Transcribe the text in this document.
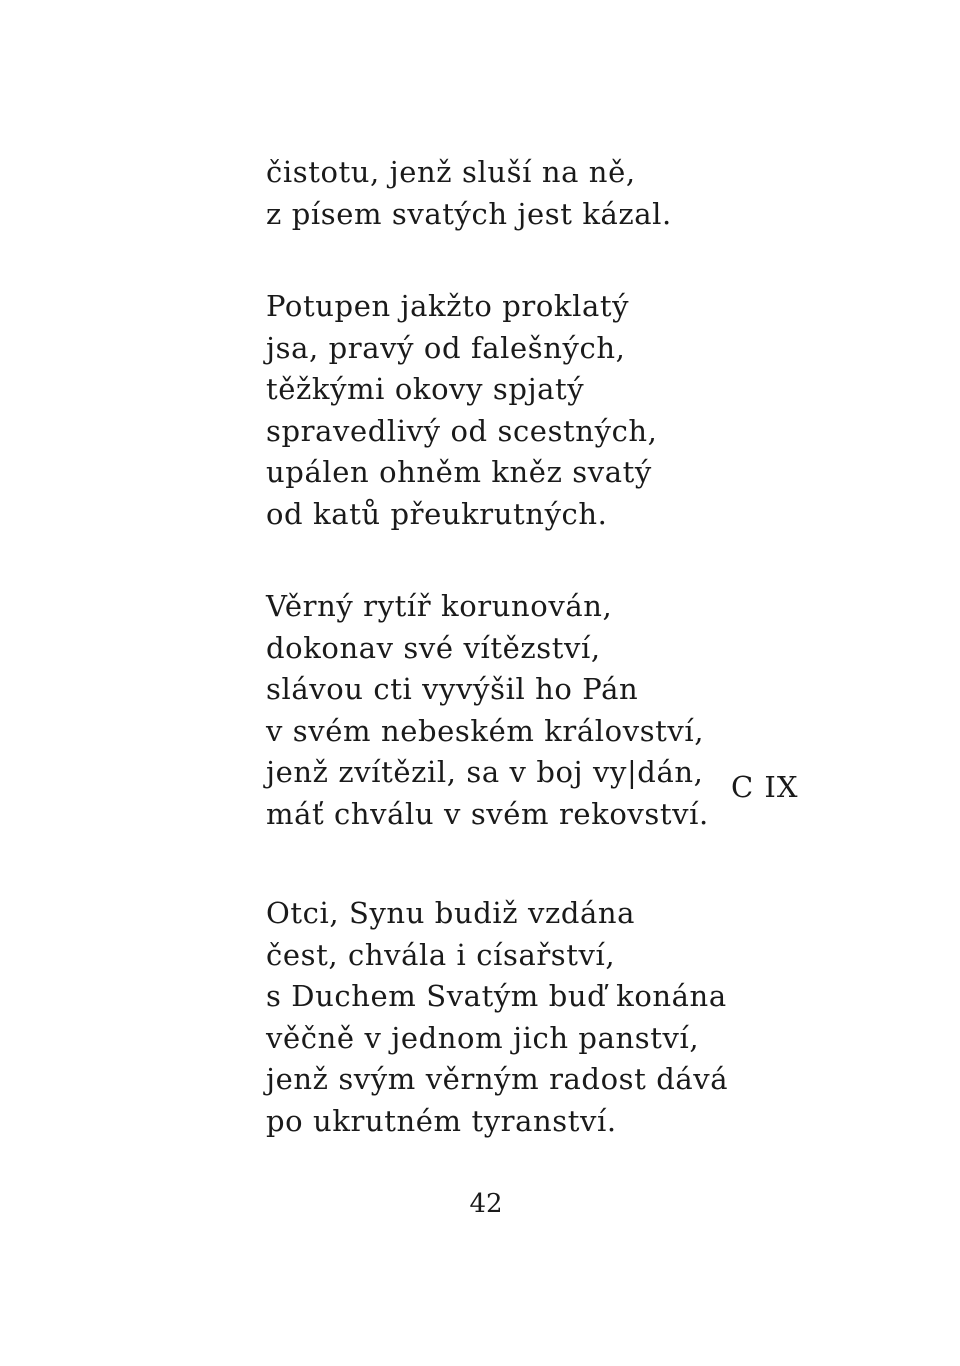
čistotu, jenž sluší na ně,
z písem svatých jest kázal.
Potupen jakžto proklatý
jsa, pravý od falešných,
těžkými okovy spjatý
spravedlivý od scestných,
upálen ohněm kněz svatý
od katů přeukrutných.
Věrný rytíř korunován,
dokonav své vítězství,
slávou cti vyvýšil ho Pán
v svém nebeském království,
jenž zvítězil, sa v boj vy|dán,
máť chválu v svém rekovství.
Otci, Synu budiž vzdána
čest, chvála i císařství,
s Duchem Svatým buď konána
věčně v jednom jich panství,
jenž svým věrným radost dává
po ukrutném tyranství.
C IX
42
